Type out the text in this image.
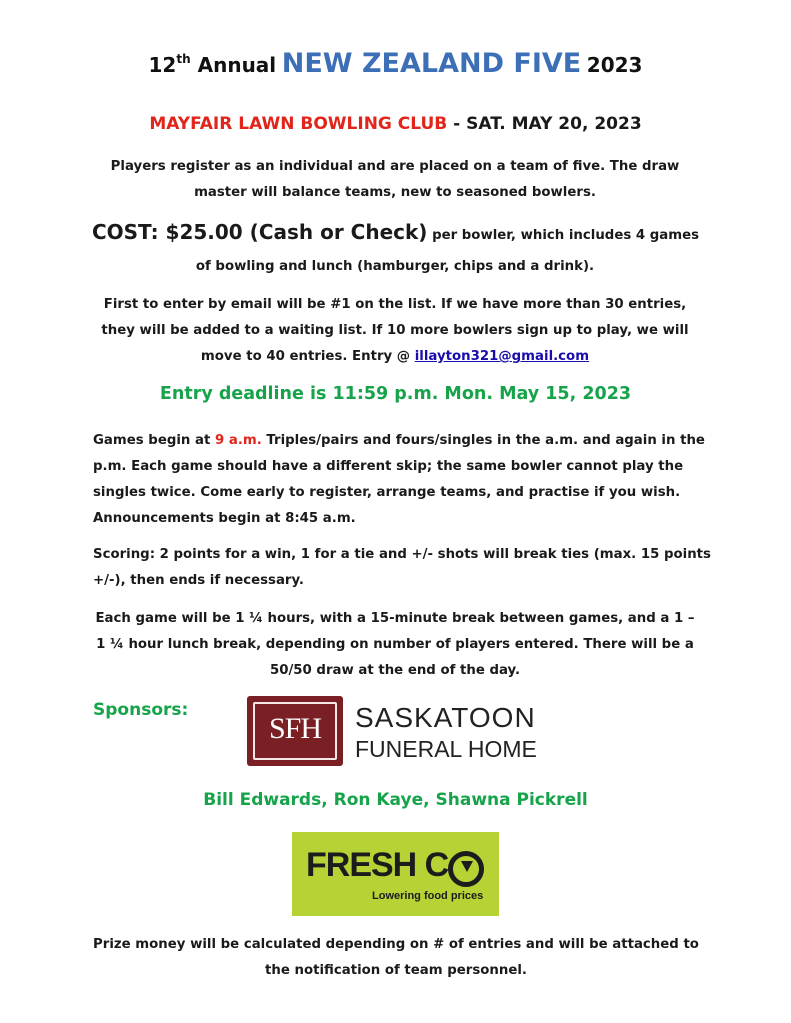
12th Annual NEW ZEALAND FIVE 2023
MAYFAIR LAWN BOWLING CLUB - SAT. MAY 20, 2023
Players register as an individual and are placed on a team of five. The draw master will balance teams, new to seasoned bowlers.
COST: $25.00 (Cash or Check) per bowler, which includes 4 games
of bowling and lunch (hamburger, chips and a drink).
First to enter by email will be #1 on the list. If we have more than 30 entries, they will be added to a waiting list. If 10 more bowlers sign up to play, we will move to 40 entries. Entry @ illayton321@gmail.com
Entry deadline is 11:59 p.m. Mon. May 15, 2023
Games begin at 9 a.m. Triples/pairs and fours/singles in the a.m. and again in the p.m. Each game should have a different skip; the same bowler cannot play the singles twice. Come early to register, arrange teams, and practise if you wish. Announcements begin at 8:45 a.m.
Scoring: 2 points for a win, 1 for a tie and +/- shots will break ties (max. 15 points +/-), then ends if necessary.
Each game will be 1 ¼ hours, with a 15-minute break between games, and a 1 – 1 ¼ hour lunch break, depending on number of players entered. There will be a 50/50 draw at the end of the day.
Sponsors:
SFH	SASKATOON
FUNERAL HOME
Bill Edwards, Ron Kaye, Shawna Pickrell
FRESH C
Lowering food prices
Prize money will be calculated depending on # of entries and will be attached to the notification of team personnel.
